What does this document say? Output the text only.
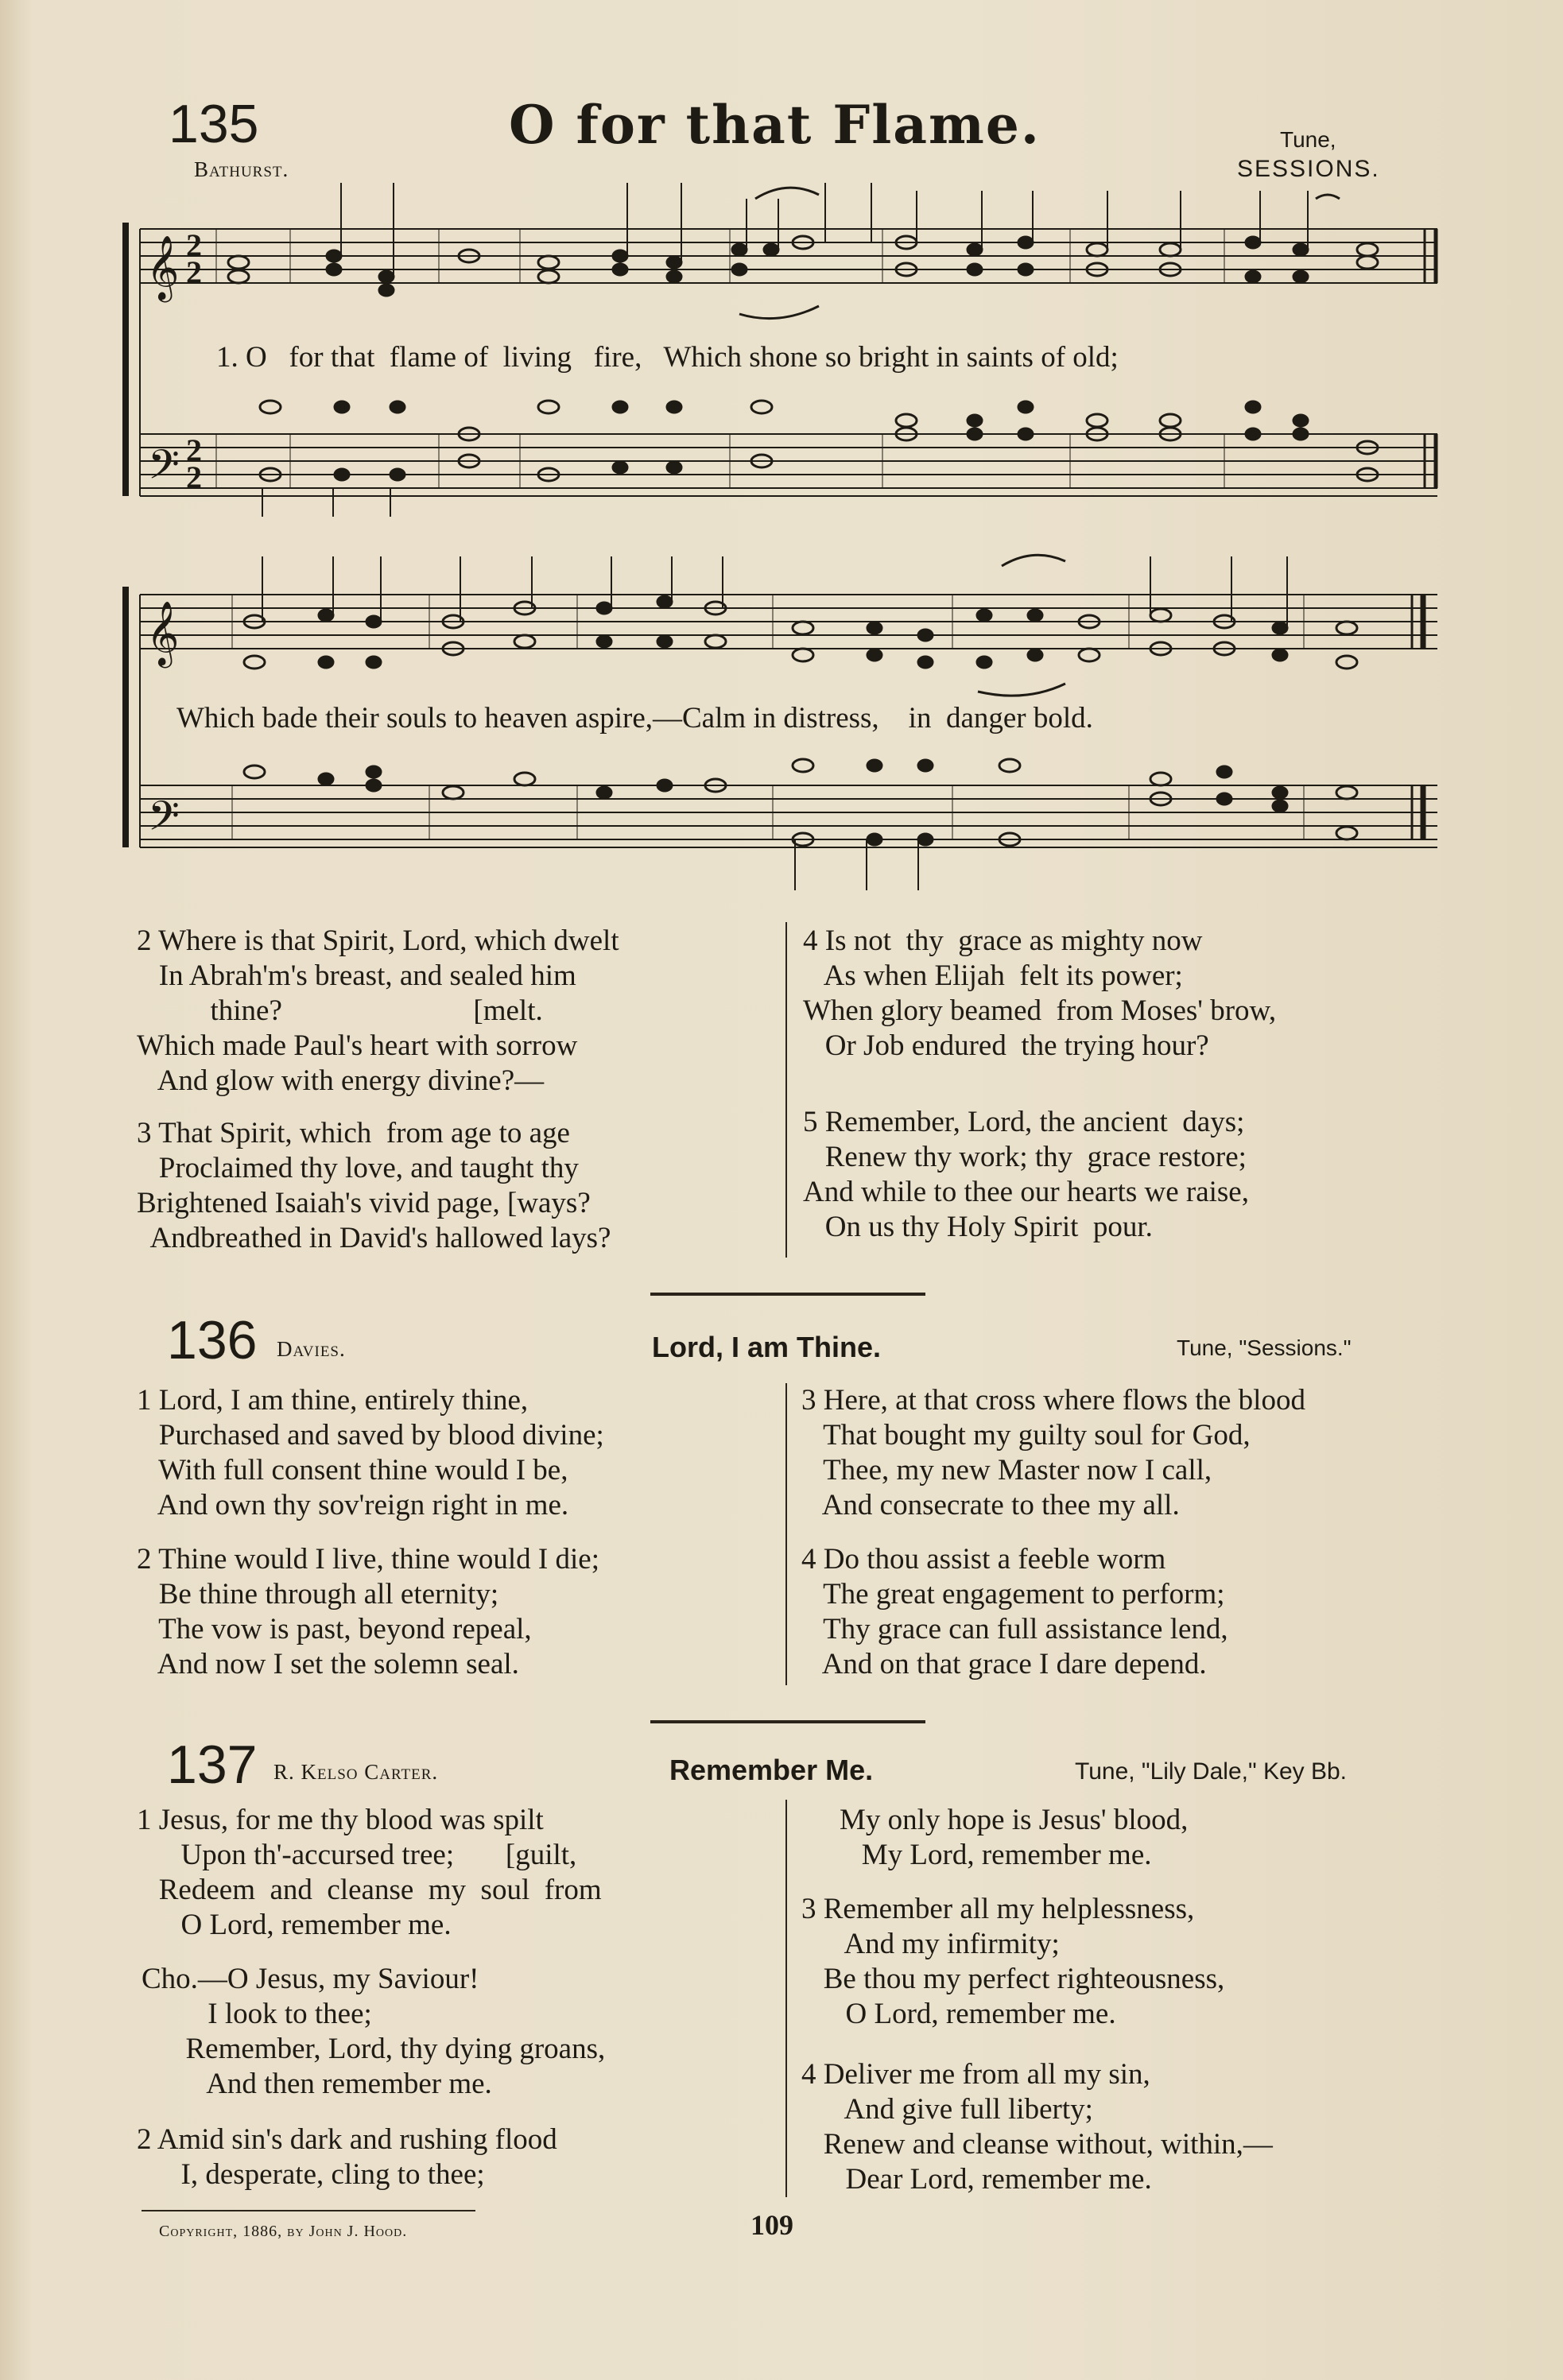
135
Bathurst.
O for that Flame.	Tune,
SESSIONS.
𝄞
𝄢
2
2
2
2
𝄞
𝄢
1. O   for that  flame of  living   fire,   Which shone so bright in saints of old;
Which bade their souls to heaven aspire,—Calm in distress,    in  danger bold.
2 Where is that Spirit, Lord, which dwelt
In Abrah'm's breast, and sealed him
thine?                          [melt.
Which made Paul's heart with sorrow
And glow with energy divine?—
3 That Spirit, which  from age to age
Proclaimed thy love, and taught thy
Brightened Isaiah's vivid page, [ways?
Andbreathed in David's hallowed lays?
4 Is not  thy  grace as mighty now
As when Elijah  felt its power;
When glory beamed  from Moses' brow,
Or Job endured  the trying hour?
5 Remember, Lord, the ancient  days;
Renew thy work; thy  grace restore;
And while to thee our hearts we raise,
On us thy Holy Spirit  pour.
136 Davies.	Lord, I am Thine.	Tune, "Sessions."
1 Lord, I am thine, entirely thine,
Purchased and saved by blood divine;
With full consent thine would I be,
And own thy sov'reign right in me.
2 Thine would I live, thine would I die;
Be thine through all eternity;
The vow is past, beyond repeal,
And now I set the solemn seal.
3 Here, at that cross where flows the blood
That bought my guilty soul for God,
Thee, my new Master now I call,
And consecrate to thee my all.
4 Do thou assist a feeble worm
The great engagement to perform;
Thy grace can full assistance lend,
And on that grace I dare depend.
137 R. Kelso Carter.	Remember Me.	Tune, "Lily Dale," Key Bb.
1 Jesus, for me thy blood was spilt
Upon th'-accursed tree;       [guilt,
Redeem  and  cleanse  my  soul  from
O Lord, remember me.
Cho.—O Jesus, my Saviour!
I look to thee;
Remember, Lord, thy dying groans,
And then remember me.
2 Amid sin's dark and rushing flood
I, desperate, cling to thee;
My only hope is Jesus' blood,
My Lord, remember me.
3 Remember all my helplessness,
And my infirmity;
Be thou my perfect righteousness,
O Lord, remember me.
4 Deliver me from all my sin,
And give full liberty;
Renew and cleanse without, within,—
Dear Lord, remember me.
Copyright, 1886, by John J. Hood.	109
